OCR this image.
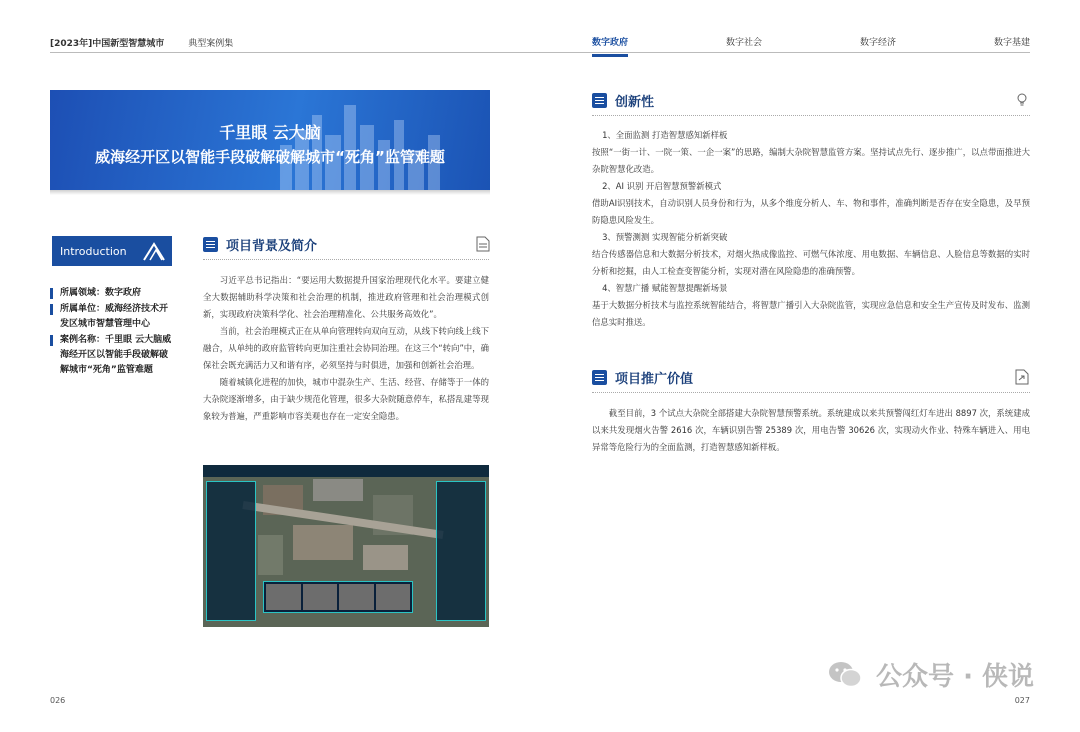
[2023年]中国新型智慧城市	典型案例集	数字政府	数字社会	数字经济	数字基建
千里眼 云大脑
威海经开区以智能手段破解破解城市“死角”监管难题
Introduction
所属领域：数字政府
所属单位：威海经济技术开发区城市智慧管理中心
案例名称：千里眼 云大脑威海经开区以智能手段破解破解城市“死角”监管难题
项目背景及简介

习近平总书记指出：“要运用大数据提升国家治理现代化水平。要建立健全大数据辅助科学决策和社会治理的机制，推进政府管理和社会治理模式创新，实现政府决策科学化、社会治理精准化、公共服务高效化”。

当前，社会治理模式正在从单向管理转向双向互动，从线下转向线上线下融合，从单纯的政府监管转向更加注重社会协同治理。在这三个“转向”中，确保社会既充满活力又和谐有序，必须坚持与时俱进，加强和创新社会治理。

随着城镇化进程的加快，城市中混杂生产、生活、经营、存储等于一体的大杂院逐渐增多，由于缺少规范化管理，很多大杂院随意停车，私搭乱建等现象较为普遍，严重影响市容美观也存在一定安全隐患。

创新性

1、全面监测 打造智慧感知新样板

按照“一街一计、一院一策、一企一案”的思路，编制大杂院智慧监管方案。坚持试点先行、逐步推广，以点带面推进大杂院智慧化改造。

2、AI 识别 开启智慧预警新模式

借助AI识别技术，自动识别人员身份和行为，从多个维度分析人、车、物和事件，准确判断是否存在安全隐患，及早预防隐患风险发生。

3、预警测测 实现智能分析新突破

结合传感器信息和大数据分析技术，对烟火热成像监控、可燃气体浓度、用电数据、车辆信息、人脸信息等数据的实时分析和挖掘，由人工检查变智能分析，实现对潜在风险隐患的准确预警。

4、智慧广播 赋能智慧提醒新场景

基于大数据分析技术与监控系统智能结合，将智慧广播引入大杂院监管，实现应急信息和安全生产宣传及时发布、监测信息实时推送。

项目推广价值

截至目前，3 个试点大杂院全部搭建大杂院智慧预警系统。系统建成以来共预警闯红灯车进出 8897 次，系统建成以来共发现烟火告警 2616 次，车辆识别告警 25389 次，用电告警 30626 次，实现动火作业、特殊车辆进入、用电异常等危险行为的全面监测，打造智慧感知新样板。

公众号 · 侠说
026	027
